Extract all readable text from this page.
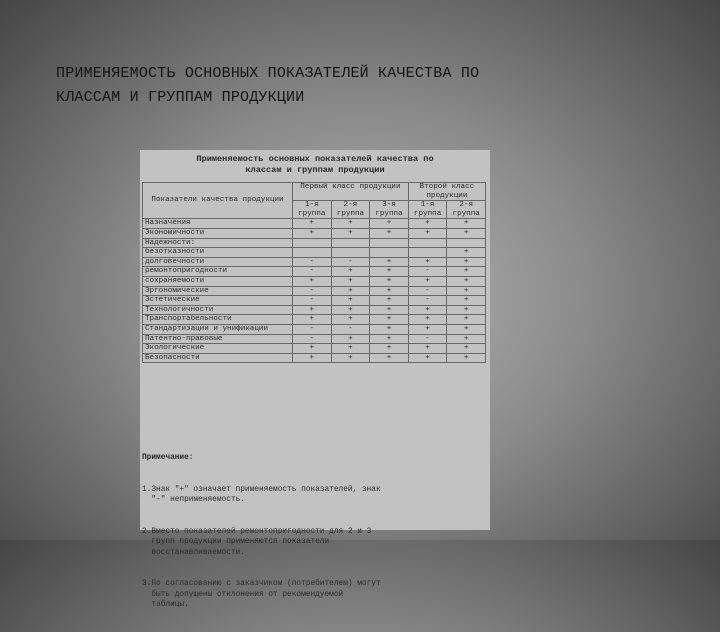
ПРИМЕНЯЕМОСТЬ ОСНОВНЫХ ПОКАЗАТЕЛЕЙ КАЧЕСТВА ПО
КЛАССАМ И ГРУППАМ ПРОДУКЦИИ
Применяемость основных показателей качества по
классам и группам продукции
Показатели качества продукции	Первый класс продукции			Второй класс продукции	
	1-я группа	2-я группа	3-я группа	1-я группа	2-я группа
Назначения	+	+	+	+	+
Экономичности	+	+	+	+	+
Надежности:					
безотказности					+
долговечности	-	-	+	+	+
ремонтопригодности	-	+	+	-	+
сохраняемости	+	+	+	+	+
Эргономические	-	+	+	-	+
Эстетические	-	+	+	-	+
Технологичности	+	+	+	+	+
Транспортабельности	+	+	+	+	+
Стандартизации и унификации	-	-	+	+	+
Патентно-правовые	-	+	+	-	+
Экологические	+	+	+	+	+
Безопасности	+	+	+	+	+

Примечание:

1.Знак "+" означает применяемость показателей, знак
"-" неприменяемость.

2.Вместо показателей ремонтопригодности для 2 и 3
групп продукции применяются показатели
восстанавливаемости.

3.По согласованию с заказчиком (потребителем) могут
быть допущены отклонения от рекомендуемой
таблицы.
